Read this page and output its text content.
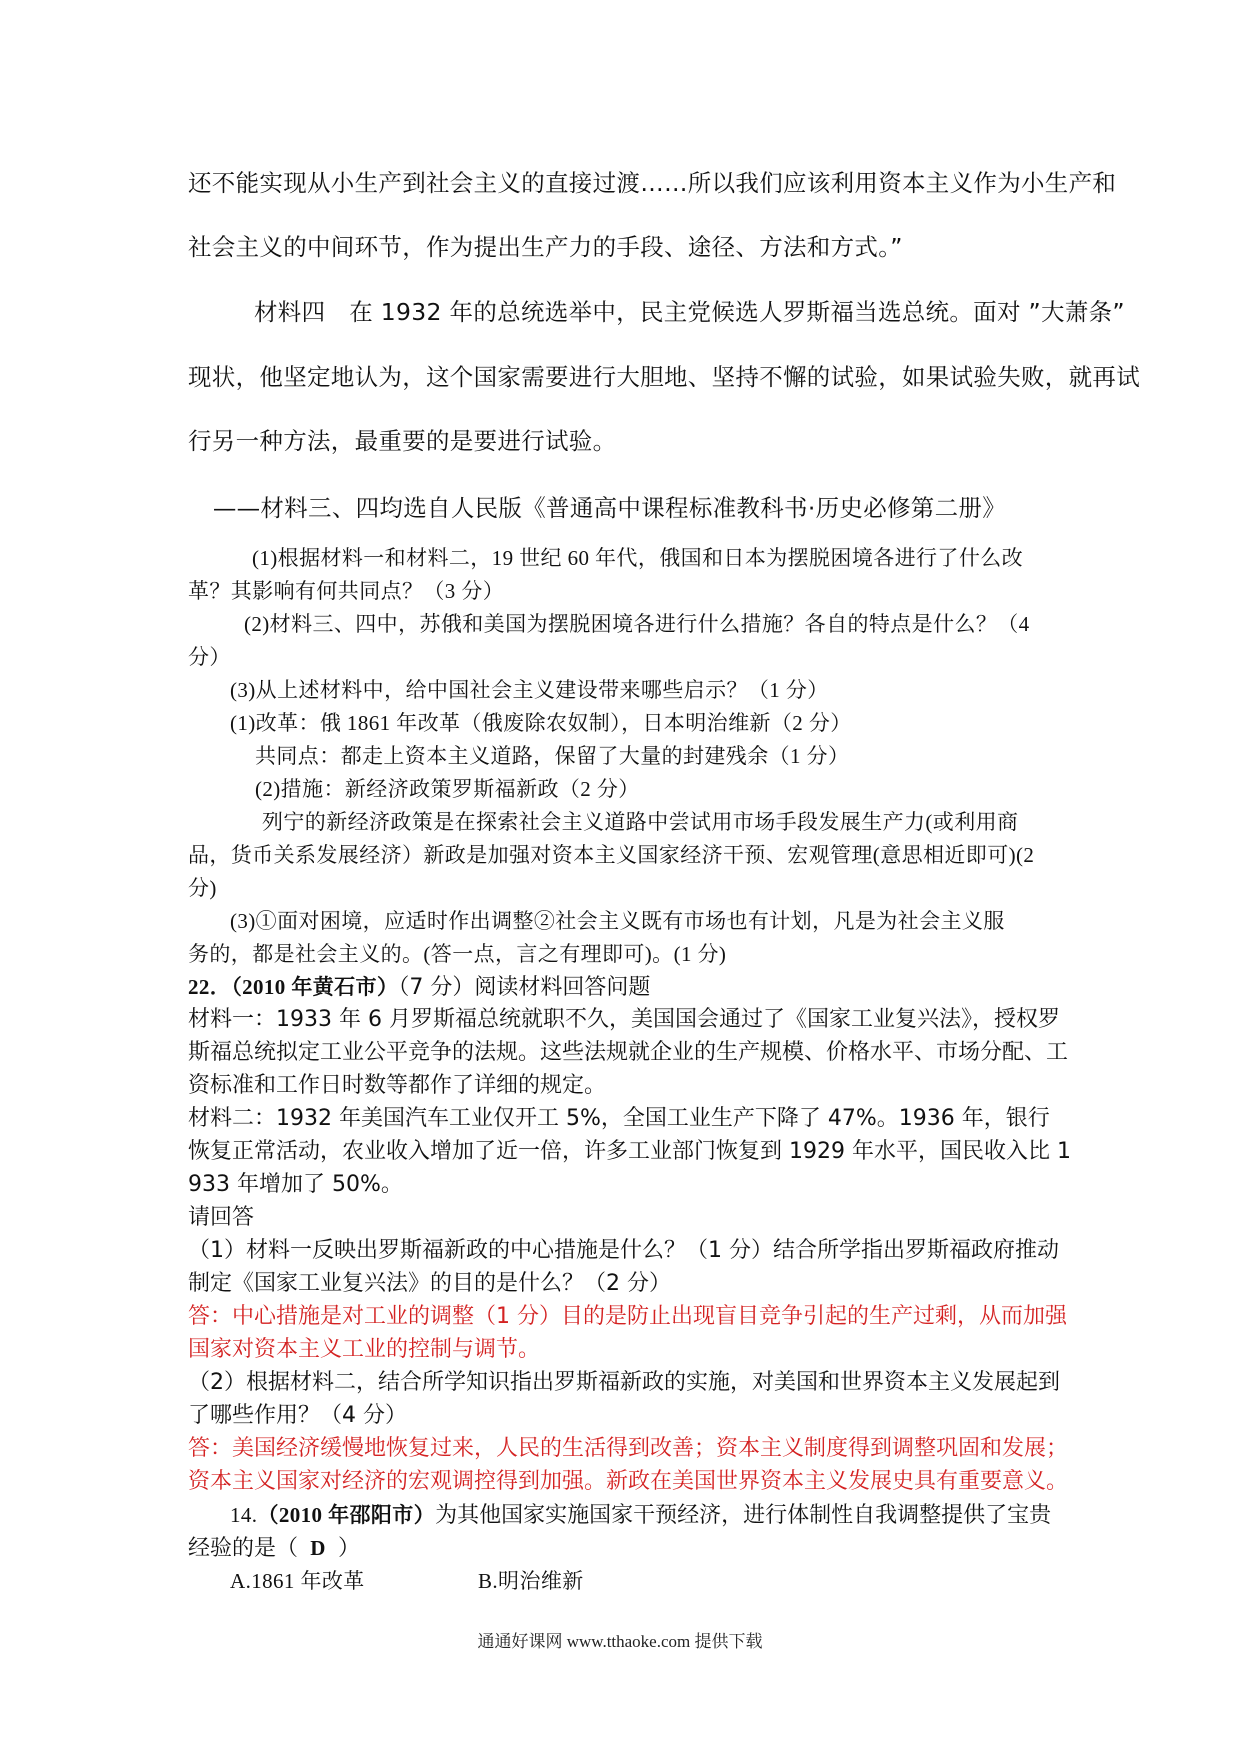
还不能实现从小生产到社会主义的直接过渡……所以我们应该利用资本主义作为小生产和
社会主义的中间环节，作为提出生产力的手段、途径、方法和方式。”
材料四　在 1932 年的总统选举中，民主党候选人罗斯福当选总统。面对 ”大萧条”
现状，他坚定地认为，这个国家需要进行大胆地、坚持不懈的试验，如果试验失败，就再试
行另一种方法，最重要的是要进行试验。
——材料三、四均选自人民版《普通高中课程标准教科书·历史必修第二册》
(1)根据材料一和材料二，19 世纪 60 年代，俄国和日本为摆脱困境各进行了什么改
革？其影响有何共同点？（3 分）
(2)材料三、四中，苏俄和美国为摆脱困境各进行什么措施？各自的特点是什么？（4
分）
(3)从上述材料中，给中国社会主义建设带来哪些启示？（1 分）
(1)改革：俄 1861 年改革（俄废除农奴制），日本明治维新（2 分）
共同点：都走上资本主义道路，保留了大量的封建残余（1 分）
(2)措施：新经济政策罗斯福新政（2 分）
列宁的新经济政策是在探索社会主义道路中尝试用市场手段发展生产力(或利用商
品，货币关系发展经济）新政是加强对资本主义国家经济干预、宏观管理(意思相近即可)(2
分)
(3)①面对困境，应适时作出调整②社会主义既有市场也有计划，凡是为社会主义服
务的，都是社会主义的。(答一点，言之有理即可)。(1 分)
22．（2010 年黄石市）（7 分）阅读材料回答问题
材料一：1933 年 6 月罗斯福总统就职不久，美国国会通过了《国家工业复兴法》，授权罗
斯福总统拟定工业公平竞争的法规。这些法规就企业的生产规模、价格水平、市场分配、工
资标准和工作日时数等都作了详细的规定。
材料二：1932 年美国汽车工业仅开工 5%，全国工业生产下降了 47%。1936 年，银行
恢复正常活动，农业收入增加了近一倍，许多工业部门恢复到 1929 年水平，国民收入比 1
933 年增加了 50%。
请回答
（1）材料一反映出罗斯福新政的中心措施是什么？（1 分）结合所学指出罗斯福政府推动
制定《国家工业复兴法》的目的是什么？（2 分）
答：中心措施是对工业的调整（1 分）目的是防止出现盲目竞争引起的生产过剩，从而加强
国家对资本主义工业的控制与调节。
（2）根据材料二，结合所学知识指出罗斯福新政的实施，对美国和世界资本主义发展起到
了哪些作用？（4 分）
答：美国经济缓慢地恢复过来，人民的生活得到改善；资本主义制度得到调整巩固和发展；
资本主义国家对经济的宏观调控得到加强。新政在美国世界资本主义发展史具有重要意义。
14.（2010 年邵阳市）为其他国家实施国家干预经济，进行体制性自我调整提供了宝贵
经验的是（ D ）
A.1861 年改革	B.明治维新
通通好课网 www.tthaoke.com 提供下载
